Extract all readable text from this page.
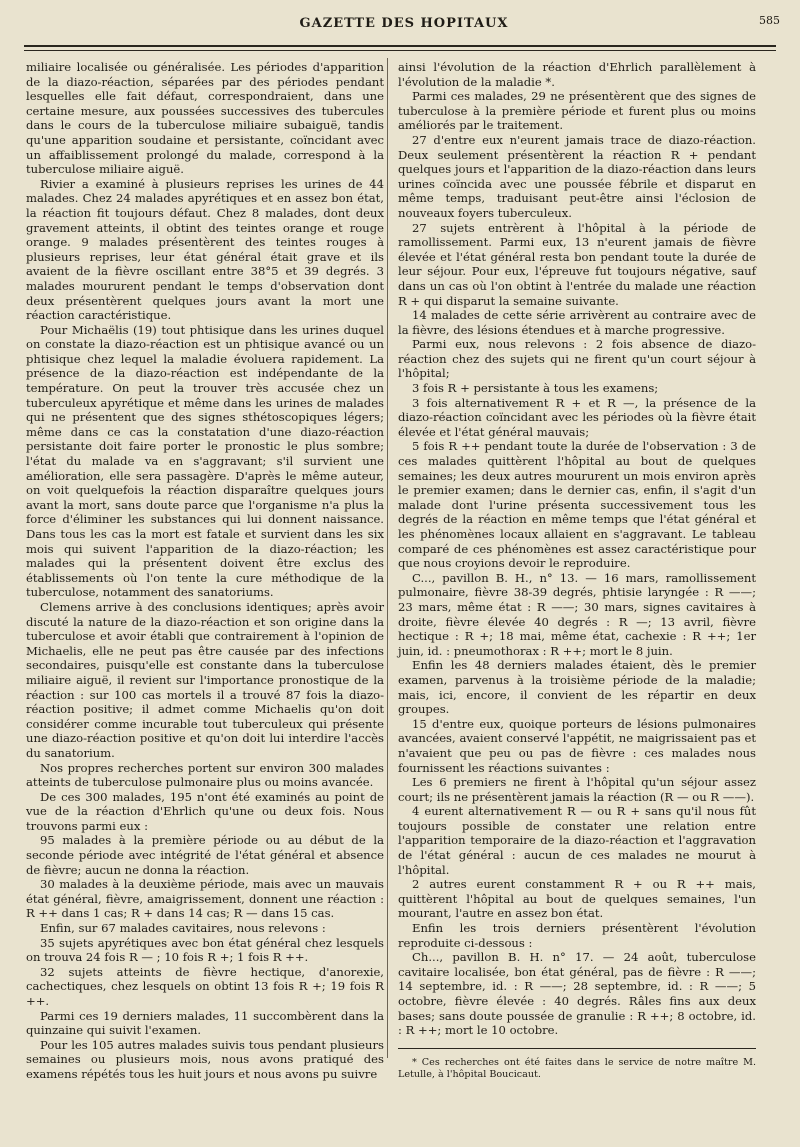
GAZETTE DES HOPITAUX	585

miliaire localisée ou généralisée. Les périodes d'apparition de la diazo-réaction, séparées par des périodes pendant lesquelles elle fait défaut, correspondraient, dans une certaine mesure, aux poussées successives des tubercules dans le cours de la tuberculose miliaire subaiguë, tandis qu'une apparition soudaine et persistante, coïncidant avec un affaiblissement prolongé du malade, correspond à la tuberculose miliaire aiguë.

Rivier a examiné à plusieurs reprises les urines de 44 malades. Chez 24 malades apyrétiques et en assez bon état, la réaction fit toujours défaut. Chez 8 malades, dont deux gravement atteints, il obtint des teintes orange et rouge orange. 9 malades présentèrent des teintes rouges à plusieurs reprises, leur état général était grave et ils avaient de la fièvre oscillant entre 38°5 et 39 degrés. 3 malades moururent pendant le temps d'observation dont deux présentèrent quelques jours avant la mort une réaction caractéristique.

Pour Michaëlis (19) tout phtisique dans les urines duquel on constate la diazo-réaction est un phtisique avancé ou un phtisique chez lequel la maladie évoluera rapidement. La présence de la diazo-réaction est indépendante de la température. On peut la trouver très accusée chez un tuberculeux apyrétique et même dans les urines de malades qui ne présentent que des signes sthétoscopiques légers; même dans ce cas la constatation d'une diazo-réaction persistante doit faire porter le pronostic le plus sombre; l'état du malade va en s'aggravant; s'il survient une amélioration, elle sera passagère. D'après le même auteur, on voit quelquefois la réaction disparaître quelques jours avant la mort, sans doute parce que l'organisme n'a plus la force d'éliminer les substances qui lui donnent naissance. Dans tous les cas la mort est fatale et survient dans les six mois qui suivent l'apparition de la diazo-réaction; les malades qui la présentent doivent être exclus des établissements où l'on tente la cure méthodique de la tuberculose, notamment des sanatoriums.

Clemens arrive à des conclusions identiques; après avoir discuté la nature de la diazo-réaction et son origine dans la tuberculose et avoir établi que contrairement à l'opinion de Michaelis, elle ne peut pas être causée par des infections secondaires, puisqu'elle est constante dans la tuberculose miliaire aiguë, il revient sur l'importance pronostique de la réaction : sur 100 cas mortels il a trouvé 87 fois la diazo-réaction positive; il admet comme Michaelis qu'on doit considérer comme incurable tout tuberculeux qui présente une diazo-réaction positive et qu'on doit lui interdire l'accès du sanatorium.

Nos propres recherches portent sur environ 300 malades atteints de tuberculose pulmonaire plus ou moins avancée.

De ces 300 malades, 195 n'ont été examinés au point de vue de la réaction d'Ehrlich qu'une ou deux fois. Nous trouvons parmi eux :

95 malades à la première période ou au début de la seconde période avec intégrité de l'état général et absence de fièvre; aucun ne donna la réaction.

30 malades à la deuxième période, mais avec un mauvais état général, fièvre, amaigrissement, donnent une réaction : R ++ dans 1 cas; R + dans 14 cas; R — dans 15 cas.

Enfin, sur 67 malades cavitaires, nous relevons :

35 sujets apyrétiques avec bon état général chez lesquels on trouva 24 fois R — ; 10 fois R +; 1 fois R ++.

32 sujets atteints de fièvre hectique, d'anorexie, cachectiques, chez lesquels on obtint 13 fois R +; 19 fois R ++.

Parmi ces 19 derniers malades, 11 succombèrent dans la quinzaine qui suivit l'examen.

Pour les 105 autres malades suivis tous pendant plusieurs semaines ou plusieurs mois, nous avons pratiqué des examens répétés tous les huit jours et nous avons pu suivre

ainsi l'évolution de la réaction d'Ehrlich parallèlement à l'évolution de la maladie *.

Parmi ces malades, 29 ne présentèrent que des signes de tuberculose à la première période et furent plus ou moins améliorés par le traitement.

27 d'entre eux n'eurent jamais trace de diazo-réaction. Deux seulement présentèrent la réaction R + pendant quelques jours et l'apparition de la diazo-réaction dans leurs urines coïncida avec une poussée fébrile et disparut en même temps, traduisant peut-être ainsi l'éclosion de nouveaux foyers tuberculeux.

27 sujets entrèrent à l'hôpital à la période de ramollissement. Parmi eux, 13 n'eurent jamais de fièvre élevée et l'état général resta bon pendant toute la durée de leur séjour. Pour eux, l'épreuve fut toujours négative, sauf dans un cas où l'on obtint à l'entrée du malade une réaction R + qui disparut la semaine suivante.

14 malades de cette série arrivèrent au contraire avec de la fièvre, des lésions étendues et à marche progressive.

Parmi eux, nous relevons : 2 fois absence de diazo-réaction chez des sujets qui ne firent qu'un court séjour à l'hôpital;

3 fois R + persistante à tous les examens;

3 fois alternativement R + et R —, la présence de la diazo-réaction coïncidant avec les périodes où la fièvre était élevée et l'état général mauvais;

5 fois R ++ pendant toute la durée de l'observation : 3 de ces malades quittèrent l'hôpital au bout de quelques semaines; les deux autres moururent un mois environ après le premier examen; dans le dernier cas, enfin, il s'agit d'un malade dont l'urine présenta successivement tous les degrés de la réaction en même temps que l'état général et les phénomènes locaux allaient en s'aggravant. Le tableau comparé de ces phénomènes est assez caractéristique pour que nous croyions devoir le reproduire.

C..., pavillon B. H., n° 13. — 16 mars, ramollissement pulmonaire, fièvre 38-39 degrés, phtisie laryngée : R ——; 23 mars, même état : R ——; 30 mars, signes cavitaires à droite, fièvre élevée 40 degrés : R —; 13 avril, fièvre hectique : R +; 18 mai, même état, cachexie : R ++; 1er juin, id. : pneumothorax : R ++; mort le 8 juin.

Enfin les 48 derniers malades étaient, dès le premier examen, parvenus à la troisième période de la maladie; mais, ici, encore, il convient de les répartir en deux groupes.

15 d'entre eux, quoique porteurs de lésions pulmonaires avancées, avaient conservé l'appétit, ne maigrissaient pas et n'avaient que peu ou pas de fièvre : ces malades nous fournissent les réactions suivantes :

Les 6 premiers ne firent à l'hôpital qu'un séjour assez court; ils ne présentèrent jamais la réaction (R — ou R ——).

4 eurent alternativement R — ou R + sans qu'il nous fût toujours possible de constater une relation entre l'apparition temporaire de la diazo-réaction et l'aggravation de l'état général : aucun de ces malades ne mourut à l'hôpital.

2 autres eurent constamment R + ou R ++ mais, quittèrent l'hôpital au bout de quelques semaines, l'un mourant, l'autre en assez bon état.

Enfin les trois derniers présentèrent l'évolution reproduite ci-dessous :

Ch..., pavillon B. H. n° 17. — 24 août, tuberculose cavitaire localisée, bon état général, pas de fièvre : R ——; 14 septembre, id. : R ——; 28 septembre, id. : R ——; 5 octobre, fièvre élevée : 40 degrés. Râles fins aux deux bases; sans doute poussée de granulie : R ++; 8 octobre, id. : R ++; mort le 10 octobre.

* Ces recherches ont été faites dans le service de notre maître M. Letulle, à l'hôpital Boucicaut.
